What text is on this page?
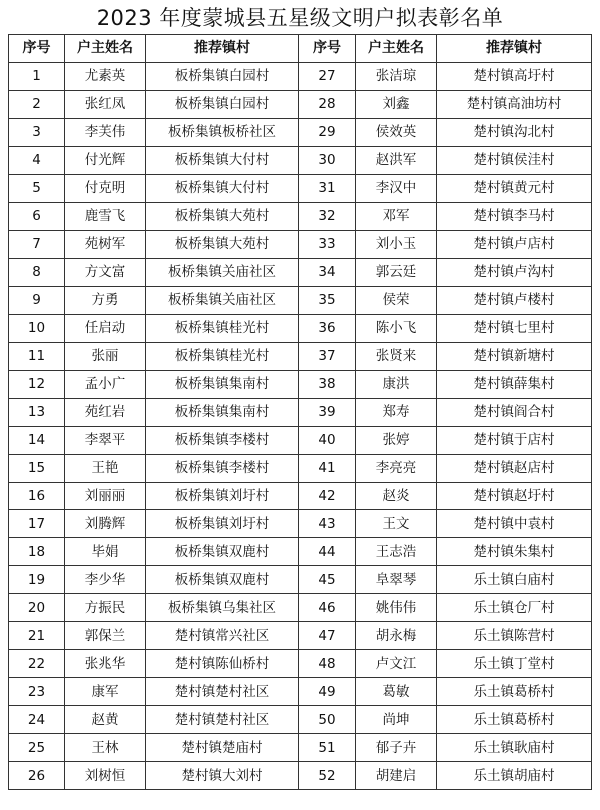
2023 年度蒙城县五星级文明户拟表彰名单
序号	户主姓名	推荐镇村	序号	户主姓名	推荐镇村
1	尤素英	板桥集镇白园村	27	张洁琼	楚村镇高圩村
2	张红凤	板桥集镇白园村	28	刘鑫	楚村镇高油坊村
3	李芙伟	板桥集镇板桥社区	29	侯效英	楚村镇沟北村
4	付光辉	板桥集镇大付村	30	赵洪军	楚村镇侯洼村
5	付克明	板桥集镇大付村	31	李汉中	楚村镇黄元村
6	鹿雪飞	板桥集镇大苑村	32	邓军	楚村镇李马村
7	苑树军	板桥集镇大苑村	33	刘小玉	楚村镇卢店村
8	方文富	板桥集镇关庙社区	34	郭云廷	楚村镇卢沟村
9	方勇	板桥集镇关庙社区	35	侯荣	楚村镇卢楼村
10	任启动	板桥集镇桂光村	36	陈小飞	楚村镇七里村
11	张丽	板桥集镇桂光村	37	张贤来	楚村镇新塘村
12	孟小广	板桥集镇集南村	38	康洪	楚村镇薛集村
13	苑红岩	板桥集镇集南村	39	郑寿	楚村镇阎合村
14	李翠平	板桥集镇李楼村	40	张婷	楚村镇于店村
15	王艳	板桥集镇李楼村	41	李亮亮	楚村镇赵店村
16	刘丽丽	板桥集镇刘圩村	42	赵炎	楚村镇赵圩村
17	刘腾辉	板桥集镇刘圩村	43	王文	楚村镇中袁村
18	毕娟	板桥集镇双鹿村	44	王志浩	楚村镇朱集村
19	李少华	板桥集镇双鹿村	45	阜翠琴	乐土镇白庙村
20	方振民	板桥集镇乌集社区	46	姚伟伟	乐土镇仓厂村
21	郭保兰	楚村镇常兴社区	47	胡永梅	乐土镇陈营村
22	张兆华	楚村镇陈仙桥村	48	卢文江	乐土镇丁堂村
23	康军	楚村镇楚村社区	49	葛敏	乐土镇葛桥村
24	赵黄	楚村镇楚村社区	50	尚坤	乐土镇葛桥村
25	王林	楚村镇楚庙村	51	郁子卉	乐土镇耿庙村
26	刘树恒	楚村镇大刘村	52	胡建启	乐土镇胡庙村
